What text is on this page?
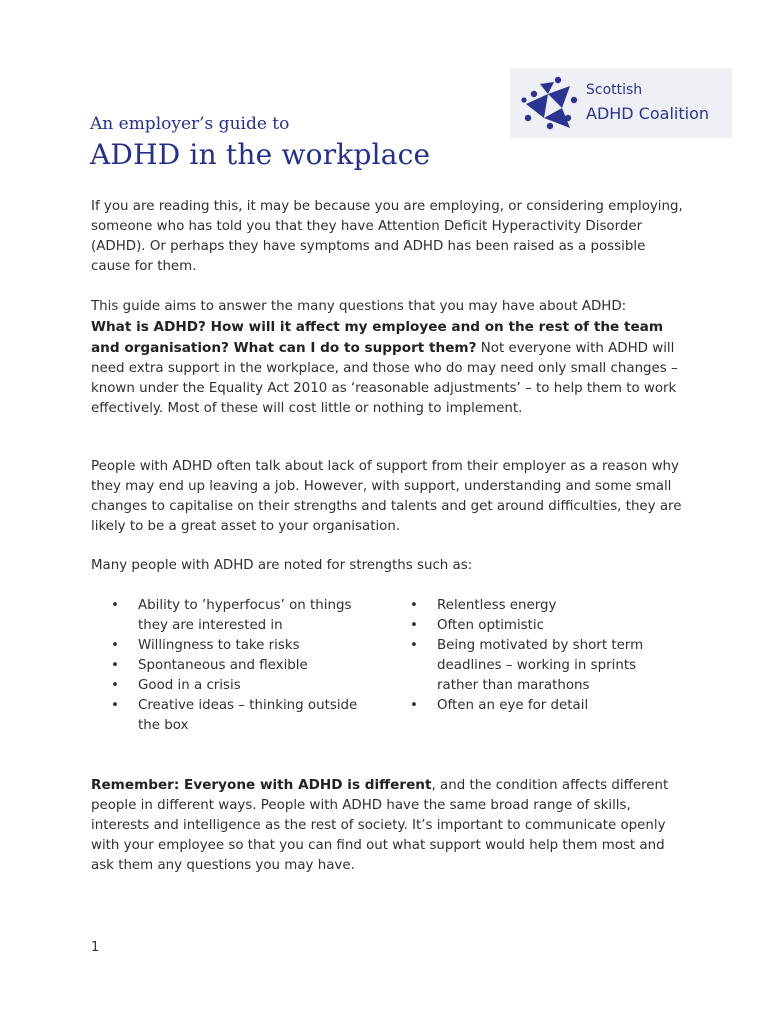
Scottish
ADHD Coalition
An employer’s guide to
ADHD in the workplace

If you are reading this, it may be because you are employing, or considering employing, someone who has told you that they have Attention Deficit Hyperactivity Disorder (ADHD). Or perhaps they have symptoms and ADHD has been raised as a possible cause for them.

This guide aims to answer the many questions that you may have about ADHD:
What is ADHD? How will it affect my employee and on the rest of the team and organisation? What can I do to support them? Not everyone with ADHD will need extra support in the workplace, and those who do may need only small changes – known under the Equality Act 2010 as ‘reasonable adjustments’ – to help them to work effectively. Most of these will cost little or nothing to implement.

People with ADHD often talk about lack of support from their employer as a reason why they may end up leaving a job. However, with support, understanding and some small changes to capitalise on their strengths and talents and get around difficulties, they are likely to be a great asset to your organisation.

Many people with ADHD are noted for strengths such as:

• Ability to ’hyperfocus’ on things they are interested in
• Willingness to take risks
• Spontaneous and flexible
• Good in a crisis
• Creative ideas – thinking outside the box
• Relentless energy
• Often optimistic
• Being motivated by short term deadlines – working in sprints rather than marathons
• Often an eye for detail

Remember: Everyone with ADHD is different, and the condition affects different people in different ways. People with ADHD have the same broad range of skills, interests and intelligence as the rest of society. It’s important to communicate openly with your employee so that you can find out what support would help them most and ask them any questions you may have.

1
